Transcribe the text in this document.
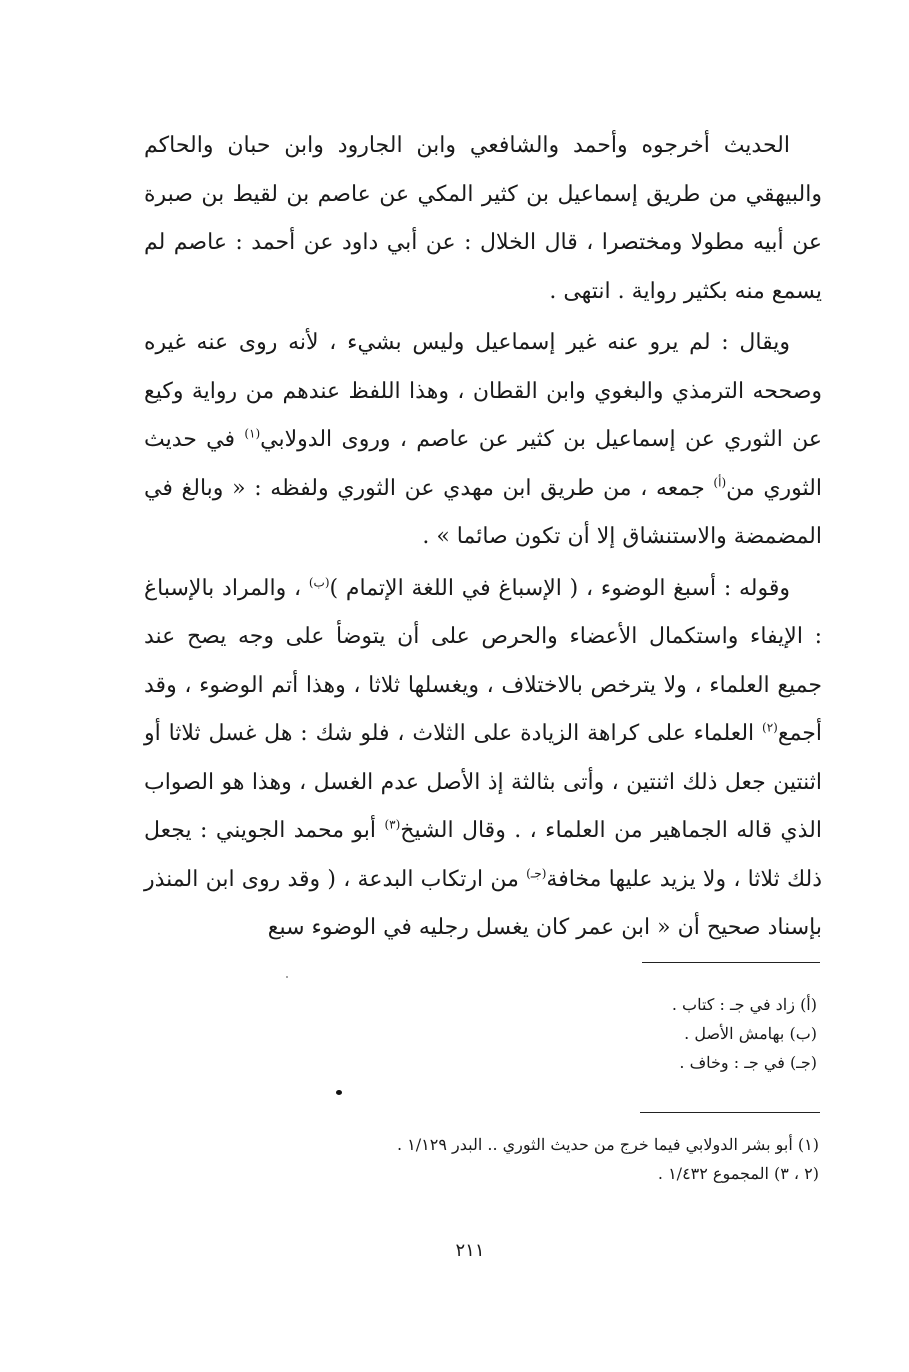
الحديث أخرجوه وأحمد والشافعي وابن الجارود وابن حبان والحاكم والبيهقي من طريق إسماعيل بن كثير المكي عن عاصم بن لقيط بن صبرة عن أبيه مطولا ومختصرا ، قال الخلال : عن أبي داود عن أحمد : عاصم لم يسمع منه بكثير رواية . انتهى .

ويقال : لم يرو عنه غير إسماعيل وليس بشيء ، لأنه روى عنه غيره وصححه الترمذي والبغوي وابن القطان ، وهذا اللفظ عندهم من رواية وكيع عن الثوري عن إسماعيل بن كثير عن عاصم ، وروى الدولابي$^{(١)}$ في حديث الثوري من$^{(أ)}$ جمعه ، من طريق ابن مهدي عن الثوري ولفظه : « وبالغ في المضمضة والاستنشاق إلا أن تكون صائما » .

وقوله : أسبغ الوضوء ، ( الإسباغ في اللغة الإتمام )$^{(ب)}$ ، والمراد بالإسباغ : الإيفاء واستكمال الأعضاء والحرص على أن يتوضأ على وجه يصح عند جميع العلماء ، ولا يترخص بالاختلاف ، ويغسلها ثلاثا ، وهذا أتم الوضوء ، وقد أجمع$^{(٢)}$ العلماء على كراهة الزيادة على الثلاث ، فلو شك : هل غسل ثلاثا أو اثنتين جعل ذلك اثنتين ، وأتى بثالثة إذ الأصل عدم الغسل ، وهذا هو الصواب الذي قاله الجماهير من العلماء ، . وقال الشيخ$^{(٣)}$ أبو محمد الجويني : يجعل ذلك ثلاثا ، ولا يزيد عليها مخافة$^{(جـ)}$ من ارتكاب البدعة ، ( وقد روى ابن المنذر بإسناد صحيح أن « ابن عمر كان يغسل رجليه في الوضوء سبع

(أ) زاد في جـ : كتاب .
(ب) بهامش الأصل .
(جـ) في جـ : وخاف .
(١) أبو بشر الدولابي فيما خرج من حديث الثوري .. البدر ١/١٢٩ .
(٢ ، ٣) المجموع ١/٤٣٢ .
٢١١
